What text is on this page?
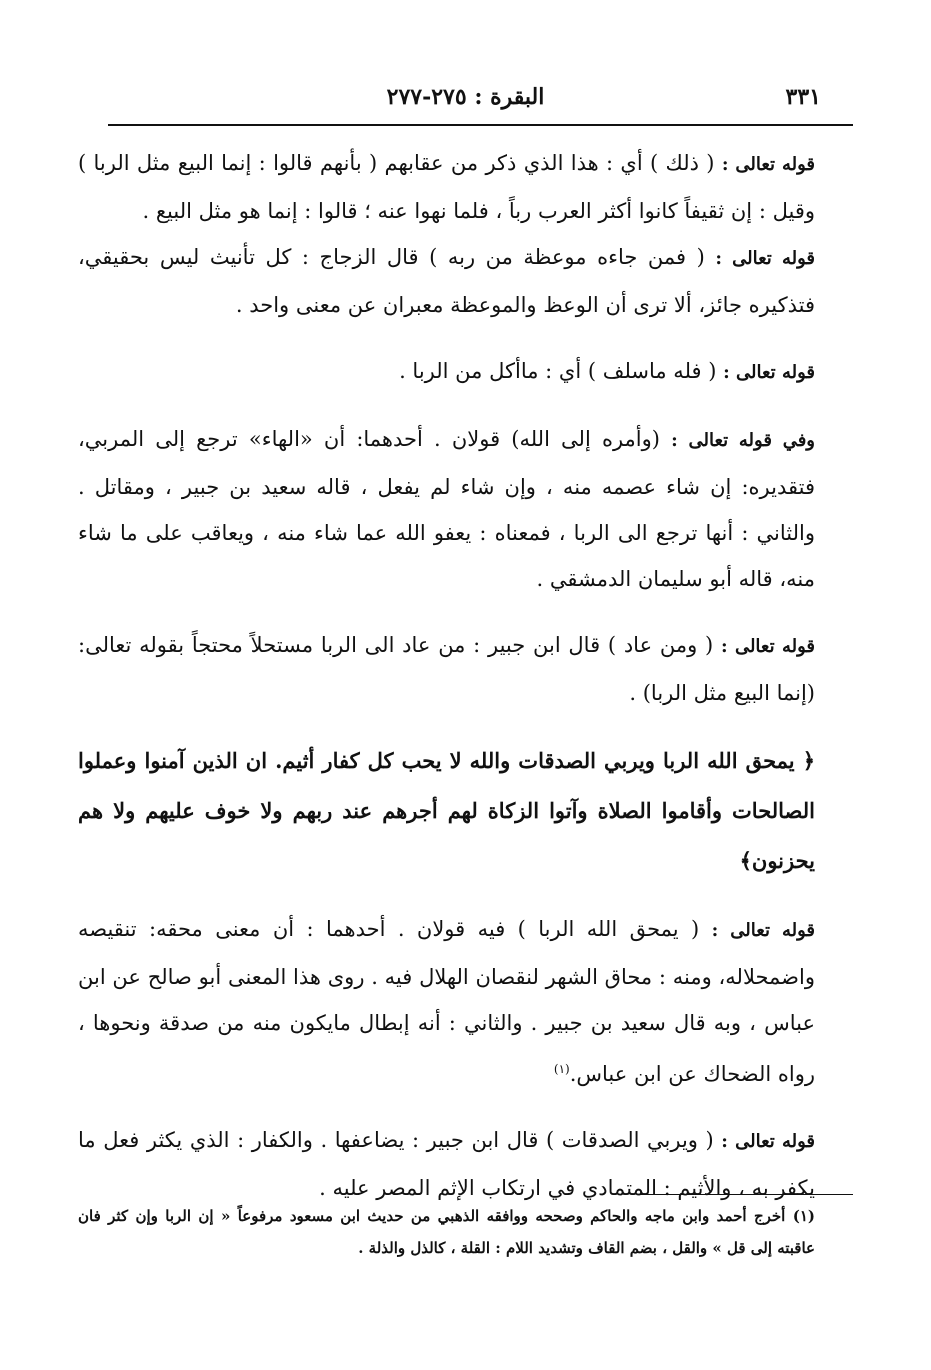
٣٣١
البقرة : ٢٧٥-٢٧٧

قوله تعالى : ( ذلك ) أي : هذا الذي ذكر من عقابهم ( بأنهم قالوا : إنما البيع مثل الربا ) وقيل : إن ثقيفاً كانوا أكثر العرب رباً ، فلما نهوا عنه ؛ قالوا : إنما هو مثل البيع .

قوله تعالى : ( فمن جاءه موعظة من ربه ) قال الزجاج : كل تأنيث ليس بحقيقي، فتذكيره جائز، ألا ترى أن الوعظ والموعظة معبران عن معنى واحد .

قوله تعالى : ( فله ماسلف ) أي : ماأكل من الربا .

وفي قوله تعالى : (وأمره إلى الله) قولان . أحدهما: أن «الهاء» ترجع إلى المربي، فتقديره: إن شاء عصمه منه ، وإن شاء لم يفعل ، قاله سعيد بن جبير ، ومقاتل . والثاني : أنها ترجع الى الربا ، فمعناه : يعفو الله عما شاء منه ، ويعاقب على ما شاء منه، قاله أبو سليمان الدمشقي .

قوله تعالى : ( ومن عاد ) قال ابن جبير : من عاد الى الربا مستحلاً محتجاً بقوله تعالى: (إنما البيع مثل الربا) .

﴿ يمحق الله الربا ويربي الصدقات والله لا يحب كل كفار أثيم. ان الذين آمنوا وعملوا الصالحات وأقاموا الصلاة وآتوا الزكاة لهم أجرهم عند ربهم ولا خوف عليهم ولا هم يحزنون﴾

قوله تعالى : ( يمحق الله الربا ) فيه قولان . أحدهما : أن معنى محقه: تنقيصه واضمحلاله، ومنه : محاق الشهر لنقصان الهلال فيه . روى هذا المعنى أبو صالح عن ابن عباس ، وبه قال سعيد بن جبير . والثاني : أنه إبطال مايكون منه من صدقة ونحوها ، رواه الضحاك عن ابن عباس.$^{(١)}$

قوله تعالى : ( ويربي الصدقات ) قال ابن جبير : يضاعفها . والكفار : الذي يكثر فعل ما يكفر به ، والأثيم : المتمادي في ارتكاب الإثم المصر عليه .

(١) أخرج أحمد وابن ماجه والحاكم وصححه ووافقه الذهبي من حديث ابن مسعود مرفوعاً « إن الربا وإن كثر فان عاقبته إلى قل » والقل ، بضم القاف وتشديد اللام : القلة ، كالذل والذلة .
